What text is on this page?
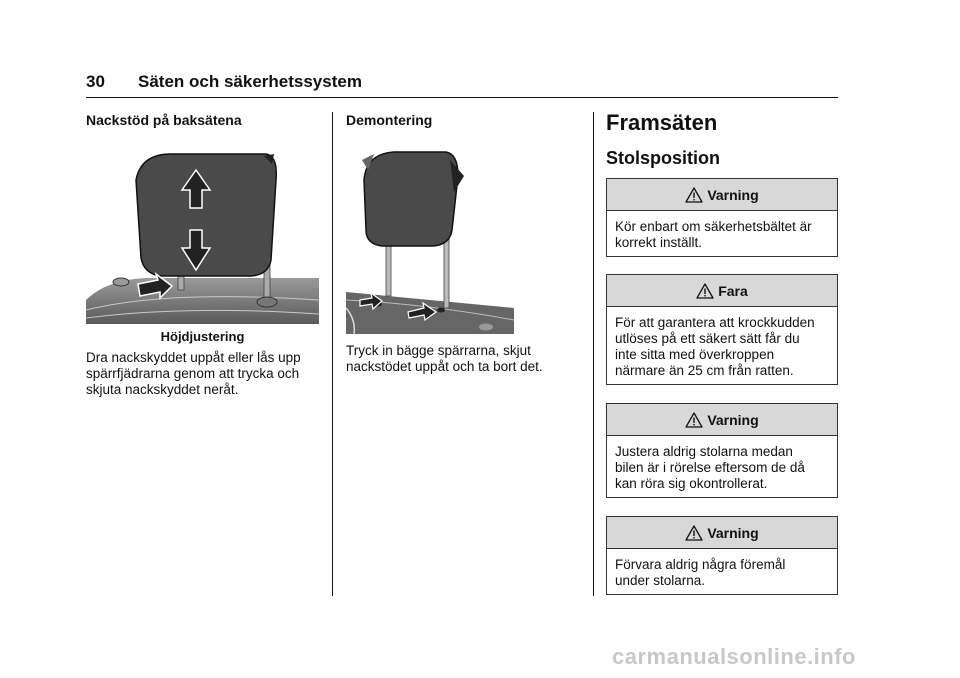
30 Säten och säkerhetssystem
Nackstöd på baksätena
Höjdjustering
Dra nackskyddet uppåt eller lås upp
spärrfjädrarna genom att trycka och
skjuta nackskyddet neråt.
Demontering
Tryck in bägge spärrarna, skjut
nackstödet uppåt och ta bort det.
Framsäten
Stolsposition
Varning
Kör enbart om säkerhetsbältet är
korrekt inställt.
Fara
För att garantera att krockkudden
utlöses på ett säkert sätt får du
inte sitta med överkroppen
närmare än 25 cm från ratten.
Varning
Justera aldrig stolarna medan
bilen är i rörelse eftersom de då
kan röra sig okontrollerat.
Varning
Förvara aldrig några föremål
under stolarna.
carmanualsonline.info
